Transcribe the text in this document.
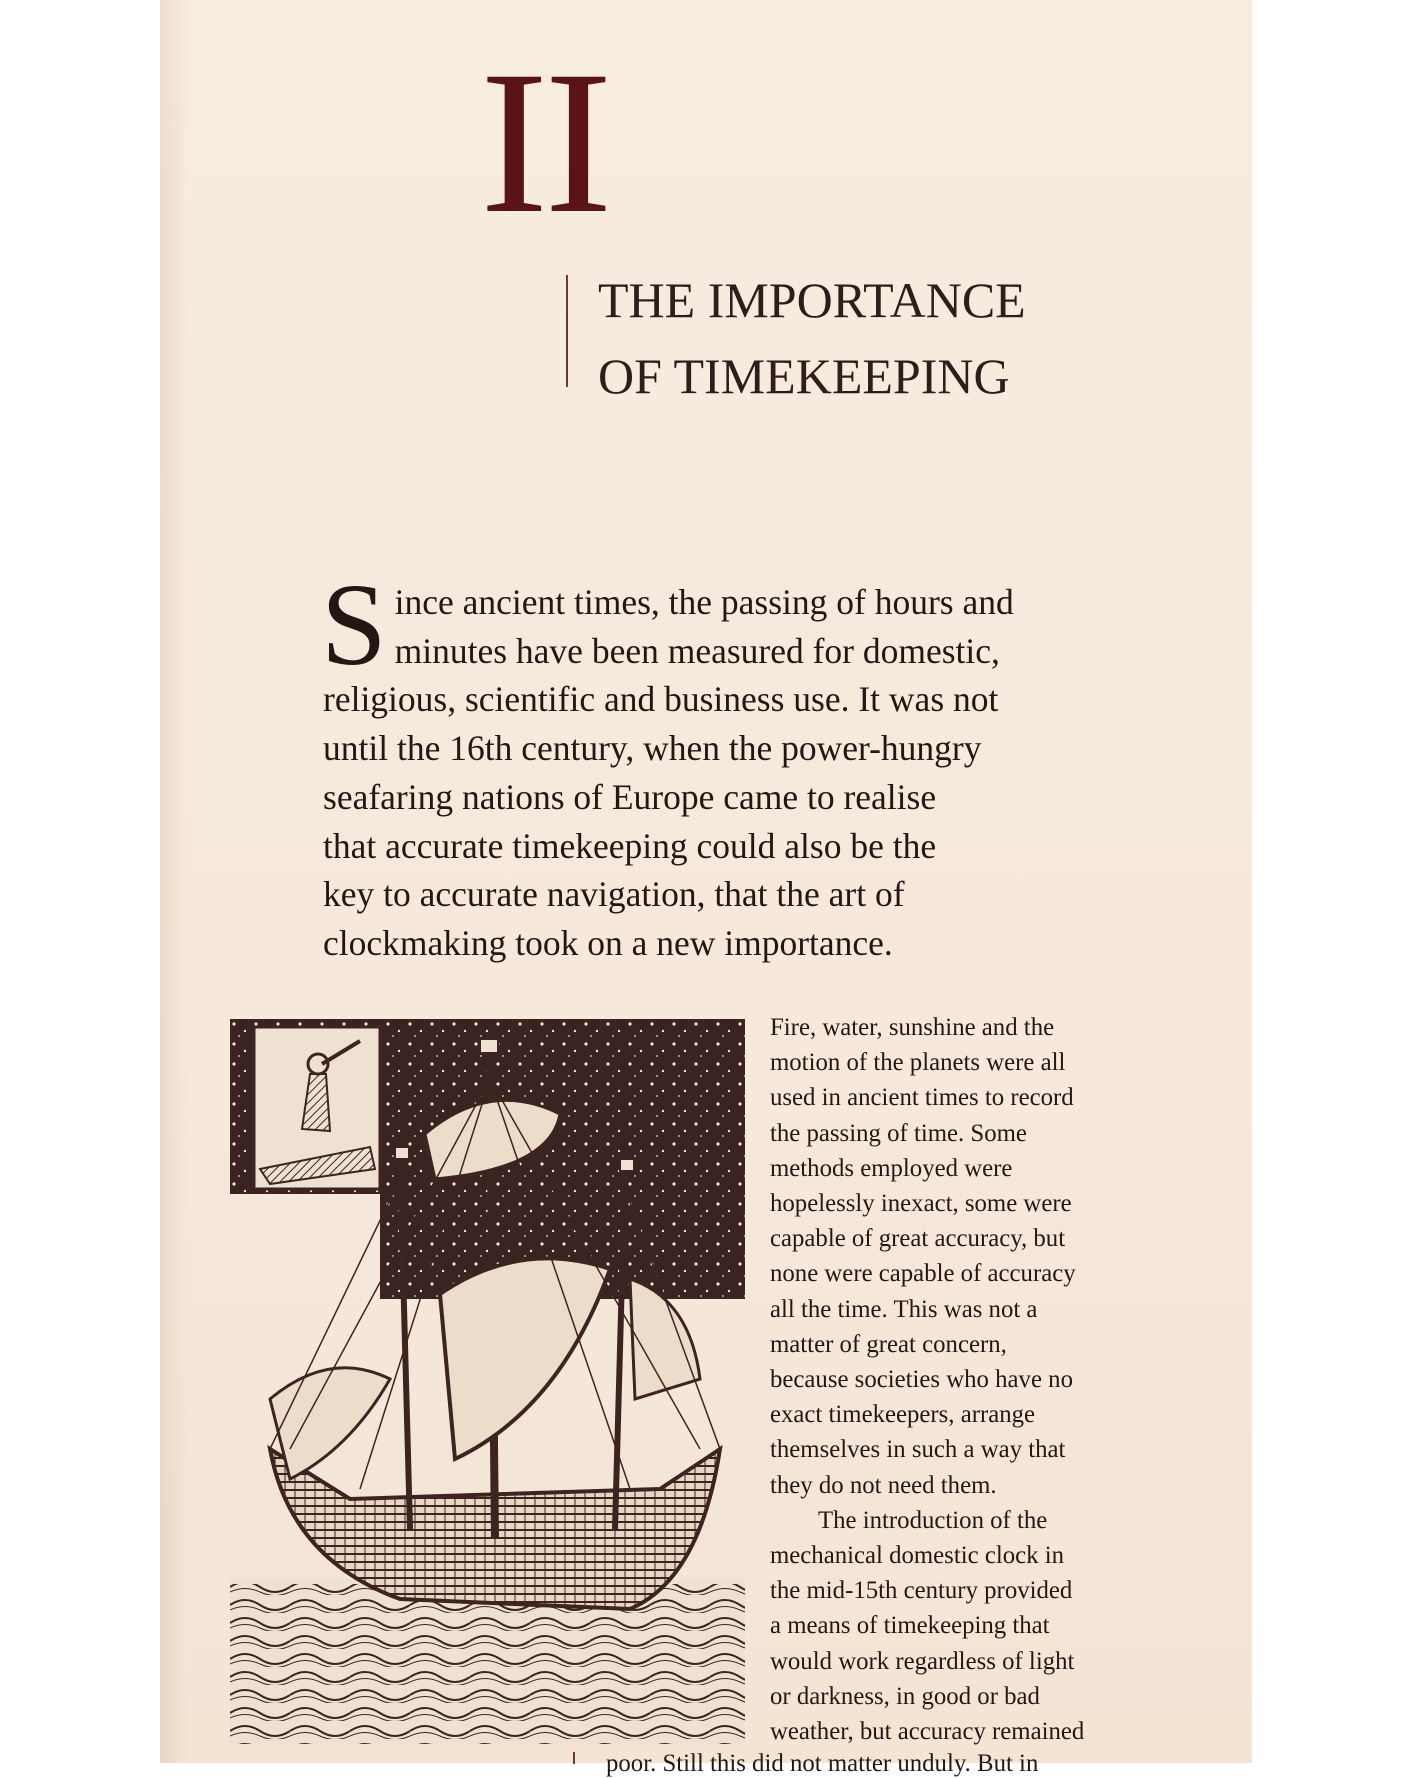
II
THE IMPORTANCE
OF TIMEKEEPING

S ince ancient times, the passing of hours and
minutes have been measured for domestic,
religious, scientific and business use. It was not
until the 16th century, when the power-hungry
seafaring nations of Europe came to realise
that accurate timekeeping could also be the
key to accurate navigation, that the art of
clockmaking took on a new importance.

Fire, water, sunshine and the
motion of the planets were all
used in ancient times to record
the passing of time. Some
methods employed were
hopelessly inexact, some were
capable of great accuracy, but
none were capable of accuracy
all the time. This was not a
matter of great concern,
because societies who have no
exact timekeepers, arrange
themselves in such a way that
they do not need them.
The introduction of the
mechanical domestic clock in
the mid-15th century provided
a means of timekeeping that
would work regardless of light
or darkness, in good or bad
weather, but accuracy remained
poor. Still this did not matter unduly. But in
